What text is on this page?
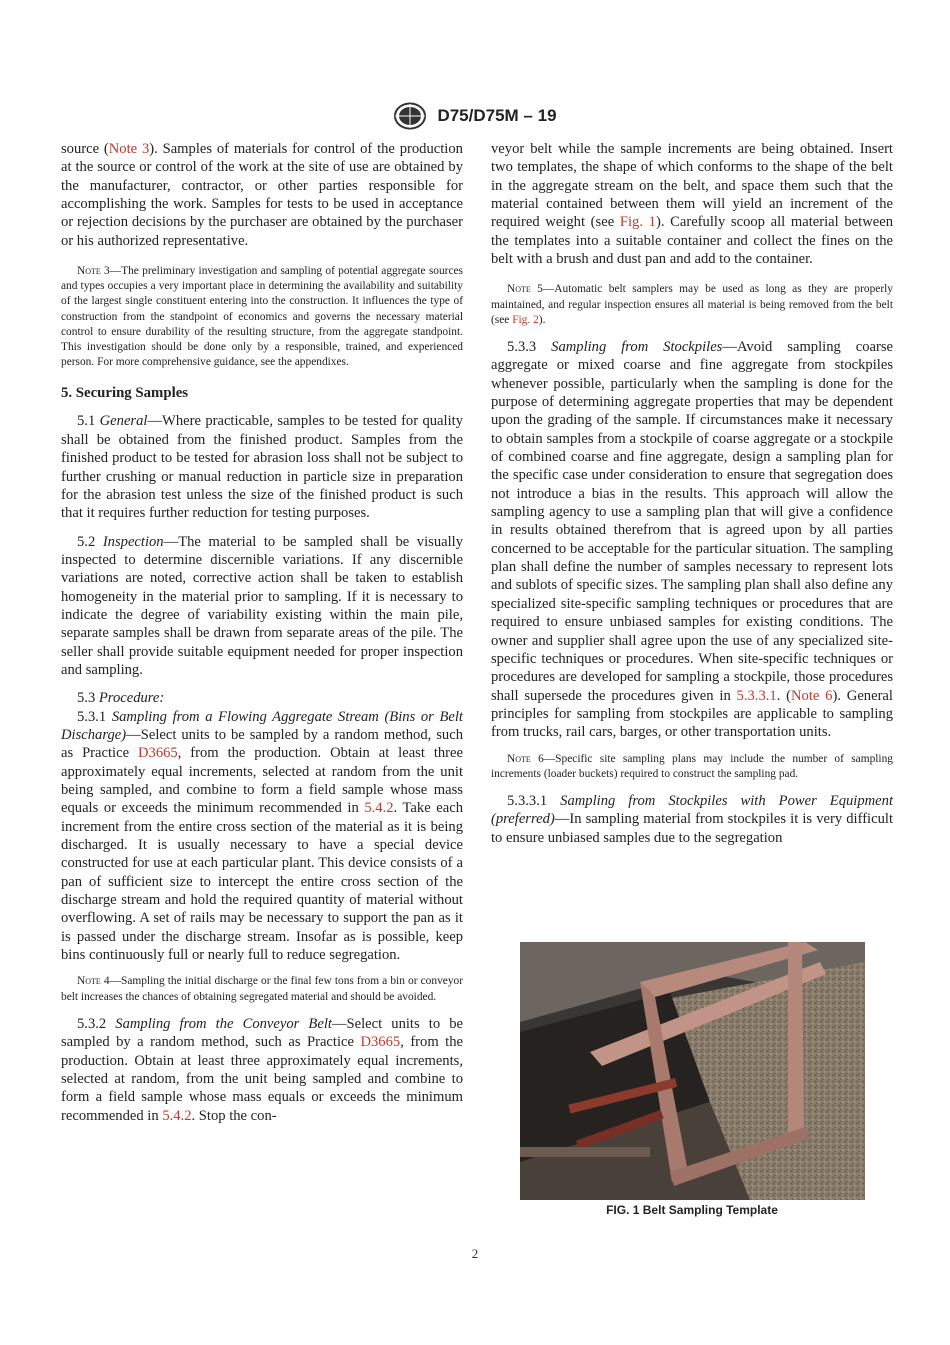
D75/D75M – 19

source (Note 3). Samples of materials for control of the production at the source or control of the work at the site of use are obtained by the manufacturer, contractor, or other parties responsible for accomplishing the work. Samples for tests to be used in acceptance or rejection decisions by the purchaser are obtained by the purchaser or his authorized representative.

Note 3—The preliminary investigation and sampling of potential aggregate sources and types occupies a very important place in determining the availability and suitability of the largest single constituent entering into the construction. It influences the type of construction from the standpoint of economics and governs the necessary material control to ensure durability of the resulting structure, from the aggregate standpoint. This investigation should be done only by a responsible, trained, and experienced person. For more comprehensive guidance, see the appendixes.

5. Securing Samples

5.1 General—Where practicable, samples to be tested for quality shall be obtained from the finished product. Samples from the finished product to be tested for abrasion loss shall not be subject to further crushing or manual reduction in particle size in preparation for the abrasion test unless the size of the finished product is such that it requires further reduction for testing purposes.

5.2 Inspection—The material to be sampled shall be visually inspected to determine discernible variations. If any discernible variations are noted, corrective action shall be taken to establish homogeneity in the material prior to sampling. If it is necessary to indicate the degree of variability existing within the main pile, separate samples shall be drawn from separate areas of the pile. The seller shall provide suitable equipment needed for proper inspection and sampling.

5.3 Procedure:

5.3.1 Sampling from a Flowing Aggregate Stream (Bins or Belt Discharge)—Select units to be sampled by a random method, such as Practice D3665, from the production. Obtain at least three approximately equal increments, selected at random from the unit being sampled, and combine to form a field sample whose mass equals or exceeds the minimum recommended in 5.4.2. Take each increment from the entire cross section of the material as it is being discharged. It is usually necessary to have a special device constructed for use at each particular plant. This device consists of a pan of sufficient size to intercept the entire cross section of the discharge stream and hold the required quantity of material without overflowing. A set of rails may be necessary to support the pan as it is passed under the discharge stream. Insofar as is possible, keep bins continuously full or nearly full to reduce segregation.

Note 4—Sampling the initial discharge or the final few tons from a bin or conveyor belt increases the chances of obtaining segregated material and should be avoided.

5.3.2 Sampling from the Conveyor Belt—Select units to be sampled by a random method, such as Practice D3665, from the production. Obtain at least three approximately equal increments, selected at random, from the unit being sampled and combine to form a field sample whose mass equals or exceeds the minimum recommended in 5.4.2. Stop the con-

veyor belt while the sample increments are being obtained. Insert two templates, the shape of which conforms to the shape of the belt in the aggregate stream on the belt, and space them such that the material contained between them will yield an increment of the required weight (see Fig. 1). Carefully scoop all material between the templates into a suitable container and collect the fines on the belt with a brush and dust pan and add to the container.

Note 5—Automatic belt samplers may be used as long as they are properly maintained, and regular inspection ensures all material is being removed from the belt (see Fig. 2).

5.3.3 Sampling from Stockpiles—Avoid sampling coarse aggregate or mixed coarse and fine aggregate from stockpiles whenever possible, particularly when the sampling is done for the purpose of determining aggregate properties that may be dependent upon the grading of the sample. If circumstances make it necessary to obtain samples from a stockpile of coarse aggregate or a stockpile of combined coarse and fine aggregate, design a sampling plan for the specific case under consideration to ensure that segregation does not introduce a bias in the results. This approach will allow the sampling agency to use a sampling plan that will give a confidence in results obtained therefrom that is agreed upon by all parties concerned to be acceptable for the particular situation. The sampling plan shall define the number of samples necessary to represent lots and sublots of specific sizes. The sampling plan shall also define any specialized site-specific sampling techniques or procedures that are required to ensure unbiased samples for existing conditions. The owner and supplier shall agree upon the use of any specialized site-specific techniques or procedures. When site-specific techniques or procedures are developed for sampling a stockpile, those procedures shall supersede the procedures given in 5.3.3.1. (Note 6). General principles for sampling from stockpiles are applicable to sampling from trucks, rail cars, barges, or other transportation units.

Note 6—Specific site sampling plans may include the number of sampling increments (loader buckets) required to construct the sampling pad.

5.3.3.1 Sampling from Stockpiles with Power Equipment (preferred)—In sampling material from stockpiles it is very difficult to ensure unbiased samples due to the segregation

FIG. 1 Belt Sampling Template
2
